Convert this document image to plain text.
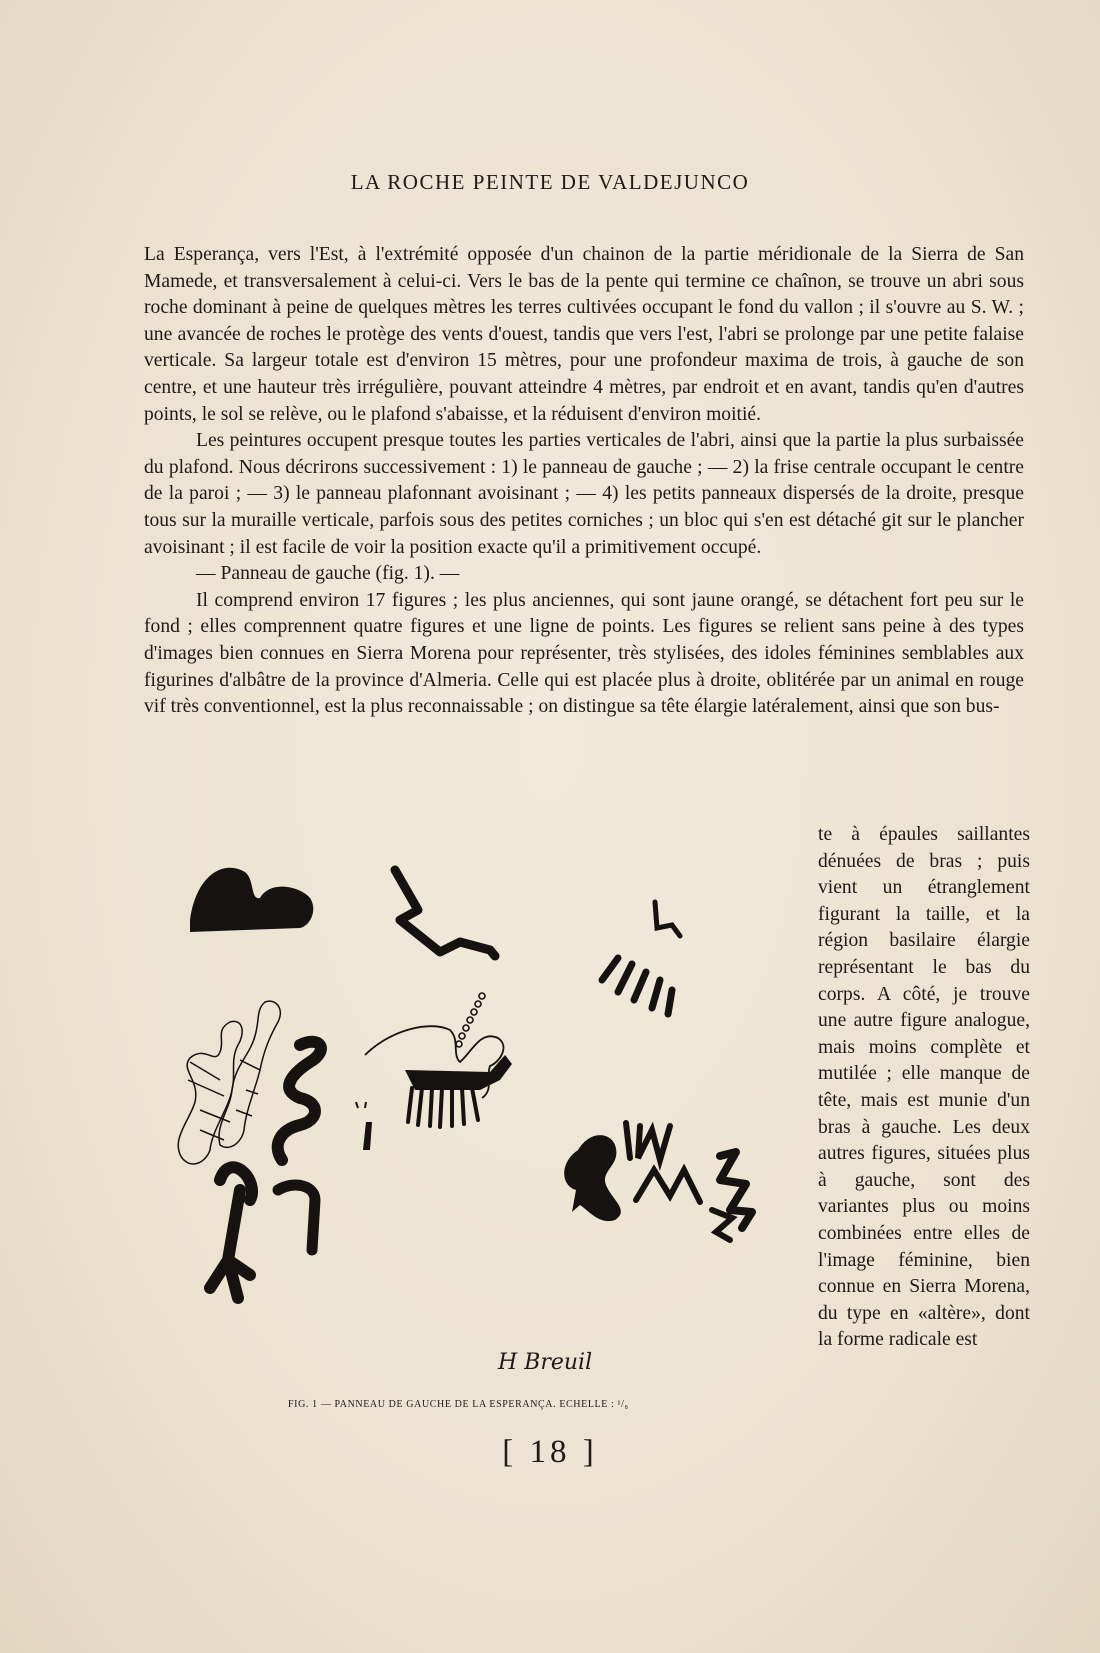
LA ROCHE PEINTE DE VALDEJUNCO

La Esperança, vers l'Est, à l'extrémité opposée d'un chainon de la partie méridionale de la Sierra de San Mamede, et transversalement à celui-ci. Vers le bas de la pente qui termine ce chaînon, se trouve un abri sous roche dominant à peine de quelques mètres les terres cultivées occupant le fond du vallon ; il s'ouvre au S. W. ; une avancée de roches le protège des vents d'ouest, tandis que vers l'est, l'abri se prolonge par une petite falaise verticale. Sa largeur totale est d'environ 15 mètres, pour une profondeur maxima de trois, à gauche de son centre, et une hauteur très irrégulière, pouvant atteindre 4 mètres, par endroit et en avant, tandis qu'en d'autres points, le sol se relève, ou le plafond s'abaisse, et la réduisent d'environ moitié.

Les peintures occupent presque toutes les parties verticales de l'abri, ainsi que la partie la plus surbaissée du plafond. Nous décrirons successivement : 1) le panneau de gauche ; — 2) la frise centrale occupant le centre de la paroi ; — 3) le panneau plafonnant avoisinant ; — 4) les petits panneaux dispersés de la droite, presque tous sur la muraille verticale, parfois sous des petites corniches ; un bloc qui s'en est détaché git sur le plancher avoisinant ; il est facile de voir la position exacte qu'il a primitivement occupé.

— Panneau de gauche (fig. 1). —

Il comprend environ 17 figures ; les plus anciennes, qui sont jaune orangé, se détachent fort peu sur le fond ; elles comprennent quatre figures et une ligne de points. Les figures se relient sans peine à des types d'images bien connues en Sierra Morena pour représenter, très stylisées, des idoles féminines semblables aux figurines d'albâtre de la province d'Almeria. Celle qui est placée plus à droite, oblitérée par un animal en rouge vif très conventionnel, est la plus reconnaissable ; on distingue sa tête élargie latéralement, ainsi que son bus-

te à épaules saillantes dénuées de bras ; puis vient un étranglement figurant la taille, et la région basilaire élargie représentant le bas du corps. A côté, je trouve une autre figure analogue, mais moins complète et mutilée ; elle manque de tête, mais est munie d'un bras à gauche. Les deux autres figures, situées plus à gauche, sont des variantes plus ou moins combinées entre elles de l'image féminine, bien connue en Sierra Morena, du type en «altère», dont la forme radicale est

H Breuil
FIG. 1 — PANNEAU DE GAUCHE DE LA ESPERANÇA. ECHELLE : ¹/₈
[ 18 ]
